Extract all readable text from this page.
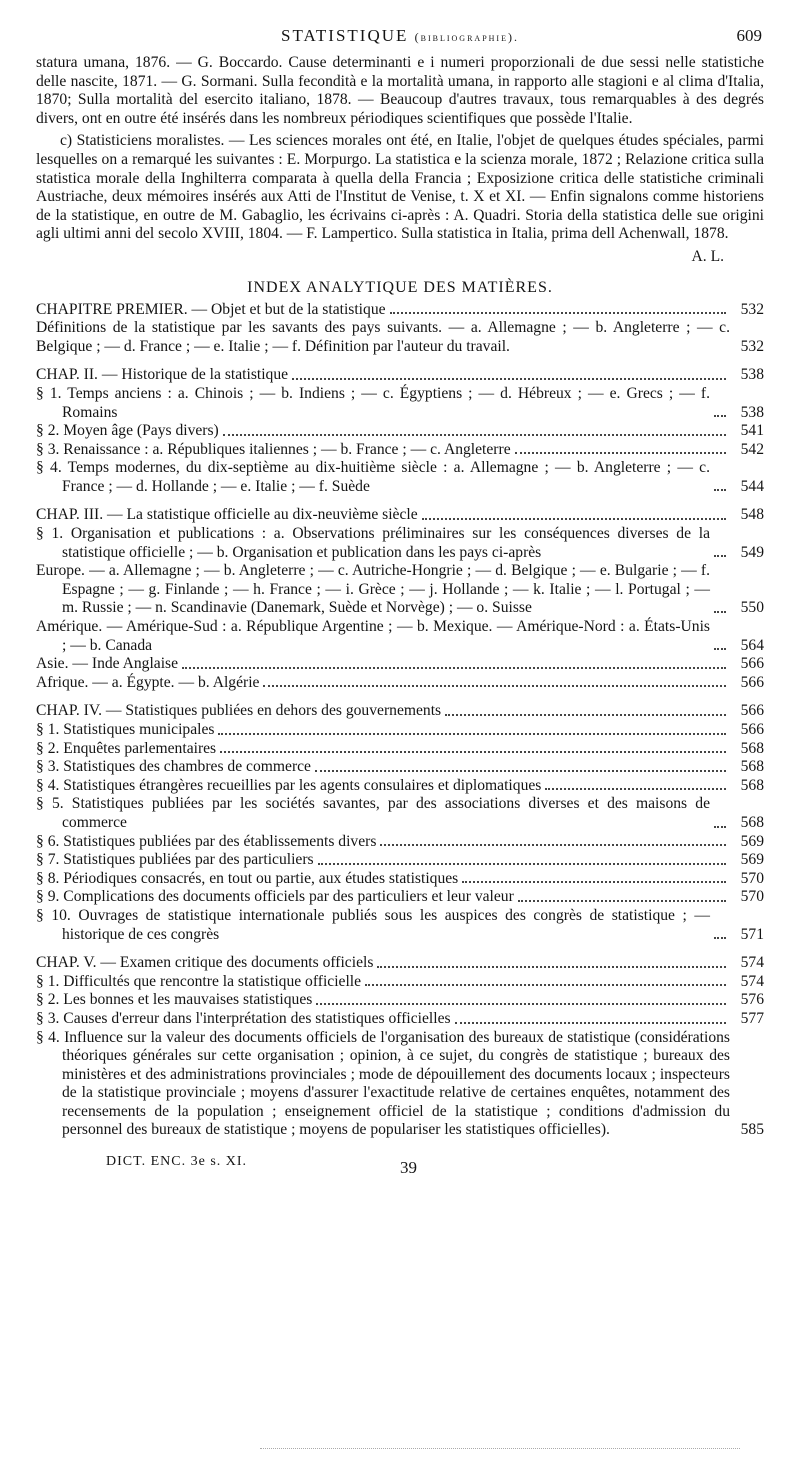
STATISTIQUE (bibliographie).	609

statura umana, 1876. — G. Boccardo. Cause determinanti e i numeri proporzionali de due sessi nelle statistiche delle nascite, 1871. — G. Sormani. Sulla fecondità e la mortalità umana, in rapporto alle stagioni e al clima d'Italia, 1870; Sulla mortalità del esercito italiano, 1878. — Beaucoup d'autres travaux, tous remarquables à des degrés divers, ont en outre été insérés dans les nombreux périodiques scientifiques que possède l'Italie.

c) Statisticiens moralistes. — Les sciences morales ont été, en Italie, l'objet de quelques études spéciales, parmi lesquelles on a remarqué les suivantes : E. Morpurgo. La statistica e la scienza morale, 1872 ; Relazione critica sulla statistica morale della Inghilterra comparata à quella della Francia ; Exposizione critica delle statistiche criminali Austriache, deux mémoires insérés aux Atti de l'Institut de Venise, t. X et XI. — Enfin signalons comme historiens de la statistique, en outre de M. Gabaglio, les écrivains ci-après : A. Quadri. Storia della statistica delle sue origini agli ultimi anni del secolo XVIII, 1804. — F. Lampertico. Sulla statistica in Italia, prima dell Achenwall, 1878.

A. L.
INDEX ANALYTIQUE DES MATIÈRES.
CHAPITRE PREMIER. — Objet et but de la statistique	532
Définitions de la statistique par les savants des pays suivants. — a. Allemagne ; — b. Angleterre ; — c. Belgique ; — d. France ; — e. Italie ; — f. Définition par l'auteur du travail.	532
CHAP. II. — Historique de la statistique	538
§ 1. Temps anciens : a. Chinois ; — b. Indiens ; — c. Égyptiens ; — d. Hébreux ; — e. Grecs ; — f. Romains	538
§ 2. Moyen âge (Pays divers)	541
§ 3. Renaissance : a. Républiques italiennes ; — b. France ; — c. Angleterre	542
§ 4. Temps modernes, du dix-septième au dix-huitième siècle : a. Allemagne ; — b. Angleterre ; — c. France ; — d. Hollande ; — e. Italie ; — f. Suède	544
CHAP. III. — La statistique officielle au dix-neuvième siècle	548
§ 1. Organisation et publications : a. Observations préliminaires sur les conséquences diverses de la statistique officielle ; — b. Organisation et publication dans les pays ci-après	549
Europe. — a. Allemagne ; — b. Angleterre ; — c. Autriche-Hongrie ; — d. Belgique ; — e. Bulgarie ; — f. Espagne ; — g. Finlande ; — h. France ; — i. Grèce ; — j. Hollande ; — k. Italie ; — l. Portugal ; — m. Russie ; — n. Scandinavie (Danemark, Suède et Norvège) ; — o. Suisse	550
Amérique. — Amérique-Sud : a. République Argentine ; — b. Mexique. — Amérique-Nord : a. États-Unis ; — b. Canada	564
Asie. — Inde Anglaise	566
Afrique. — a. Égypte. — b. Algérie	566
CHAP. IV. — Statistiques publiées en dehors des gouvernements	566
§ 1. Statistiques municipales	566
§ 2. Enquêtes parlementaires	568
§ 3. Statistiques des chambres de commerce	568
§ 4. Statistiques étrangères recueillies par les agents consulaires et diplomatiques	568
§ 5. Statistiques publiées par les sociétés savantes, par des associations diverses et des maisons de commerce	568
§ 6. Statistiques publiées par des établissements divers	569
§ 7. Statistiques publiées par des particuliers	569
§ 8. Périodiques consacrés, en tout ou partie, aux études statistiques	570
§ 9. Complications des documents officiels par des particuliers et leur valeur	570
§ 10. Ouvrages de statistique internationale publiés sous les auspices des congrès de statistique ; — historique de ces congrès	571
CHAP. V. — Examen critique des documents officiels	574
§ 1. Difficultés que rencontre la statistique officielle	574
§ 2. Les bonnes et les mauvaises statistiques	576
§ 3. Causes d'erreur dans l'interprétation des statistiques officielles	577
§ 4. Influence sur la valeur des documents officiels de l'organisation des bureaux de statistique (considérations théoriques générales sur cette organisation ; opinion, à ce sujet, du congrès de statistique ; bureaux des ministères et des administrations provinciales ; mode de dépouillement des documents locaux ; inspecteurs de la statistique provinciale ; moyens d'assurer l'exactitude relative de certaines enquêtes, notamment des recensements de la population ; enseignement officiel de la statistique ; conditions d'admission du personnel des bureaux de statistique ; moyens de populariser les statistiques officielles).	585
DICT. ENC. 3e s. XI.	39
